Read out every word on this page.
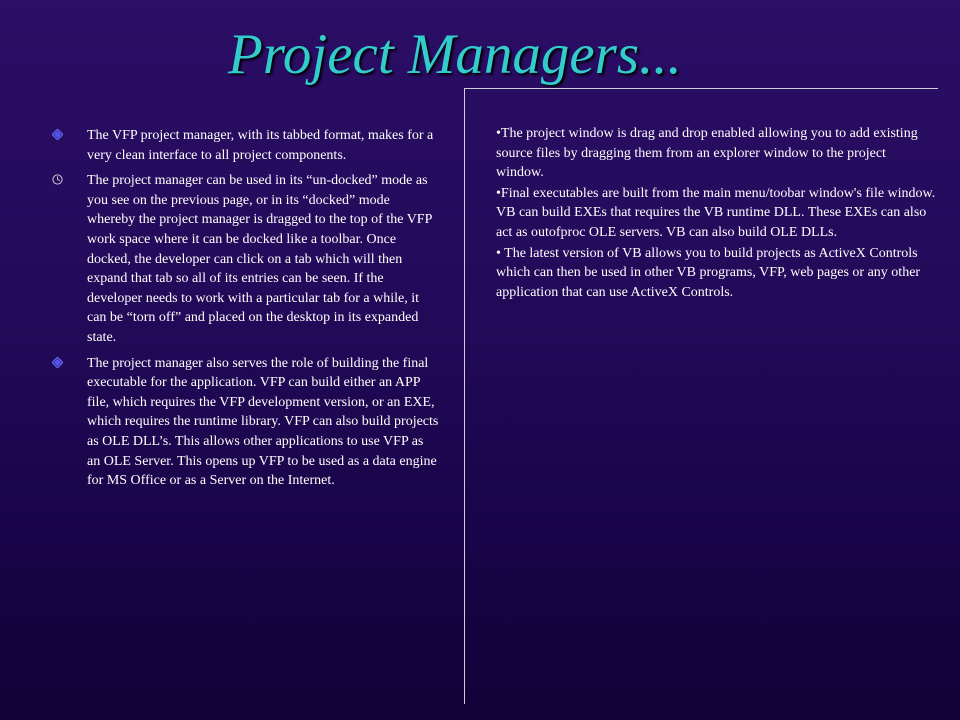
Project Managers...
The VFP project manager, with its tabbed format, makes for a very clean interface to all project components.
The project manager can be used in its “un-docked” mode as you see on the previous page, or in its “docked” mode whereby the project manager is dragged to the top of the VFP work space where it can be docked like a toolbar. Once docked, the developer can click on a tab which will then expand that tab so all of its entries can be seen. If the developer needs to work with a particular tab for a while, it can be “torn off” and placed on the desktop in its expanded state.
The project manager also serves the role of building the final executable for the application. VFP can build either an APP file, which requires the VFP development version, or an EXE, which requires the runtime library. VFP can also build projects as OLE DLL’s. This allows other applications to use VFP as an OLE Server. This opens up VFP to be used as a data engine for MS Office or as a Server on the Internet.

•The project window is drag and drop enabled allowing you to add existing source files by dragging them from an explorer window to the project window.

•Final executables are built from the main menu/toobar window's file window. VB can build EXEs that requires the VB runtime DLL. These EXEs can also act as outofproc OLE servers. VB can also build OLE DLLs.

• The latest version of VB allows you to build projects as ActiveX Controls which can then be used in other VB programs, VFP, web pages or any other application that can use ActiveX Controls.
